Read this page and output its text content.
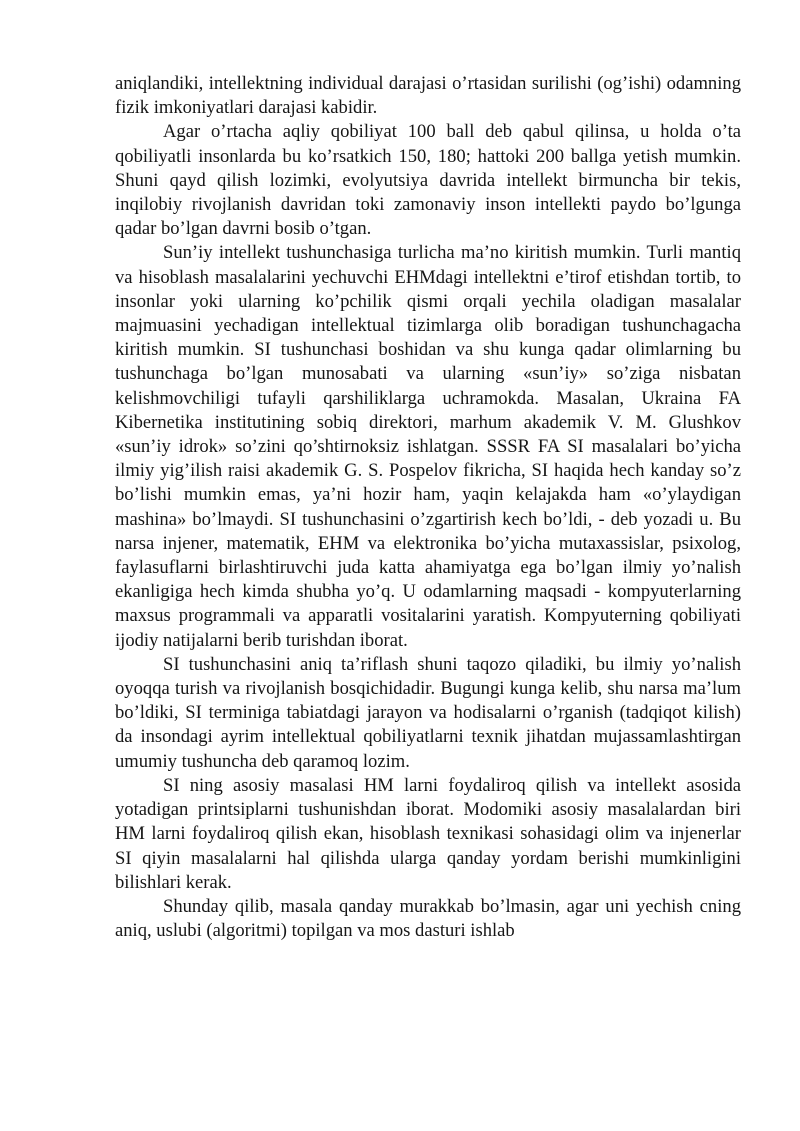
aniqlandiki, intellektning individual darajasi o’rtasidan surilishi (og’ishi) odamning fizik imkoniyatlari darajasi kabidir.

Agar o’rtacha aqliy qobiliyat 100 ball deb qabul qilinsa, u holda o’ta qobiliyatli insonlarda bu ko’rsatkich 150, 180; hattoki 200 ballga yetish mumkin. Shuni qayd qilish lozimki, evolyutsiya davrida intellekt birmuncha bir tekis, inqilobiy rivojlanish davridan toki zamonaviy inson intellekti paydo bo’lgunga qadar bo’lgan davrni bosib o’tgan.

Sun’iy intellekt tushunchasiga turlicha ma’no kiritish mumkin. Turli mantiq va hisoblash masalalarini yechuvchi EHMdagi intellektni e’tirof etishdan tortib, to insonlar yoki ularning ko’pchilik qismi orqali yechila oladigan masalalar majmuasini yechadigan intellektual tizimlarga olib boradigan tushunchagacha kiritish mumkin. SI tushunchasi boshidan va shu kunga qadar olimlarning bu tushunchaga bo’lgan munosabati va ularning «sun’iy» so’ziga nisbatan kelishmovchiligi tufayli qarshiliklarga uchramokda. Masalan, Ukraina FA Kibernetika institutining sobiq direktori, marhum akademik V. M. Glushkov «sun’iy idrok» so’zini qo’shtirnoksiz ishlatgan. SSSR FA SI masalalari bo’yicha ilmiy yig’ilish raisi akademik G. S. Pospelov fikricha, SI haqida hech kanday so’z bo’lishi mumkin emas, ya’ni hozir ham, yaqin kelajakda ham «o’ylaydigan mashina» bo’lmaydi. SI tushunchasini o’zgartirish kech bo’ldi, - deb yozadi u. Bu narsa injener, matematik, EHM va elektronika bo’yicha mutaxassislar, psixolog, faylasuflarni birlashtiruvchi juda katta ahamiyatga ega bo’lgan ilmiy yo’nalish ekanligiga hech kimda shubha yo’q. U odamlarning maqsadi - kompyuterlarning maxsus programmali va apparatli vositalarini yaratish. Kompyuterning qobiliyati ijodiy natijalarni berib turishdan iborat.

SI tushunchasini aniq ta’riflash shuni taqozo qiladiki, bu ilmiy yo’nalish oyoqqa turish va rivojlanish bosqichidadir. Bugungi kunga kelib, shu narsa ma’lum bo’ldiki, SI terminiga tabiatdagi jarayon va hodisalarni o’rganish (tadqiqot kilish) da insondagi ayrim intellektual qobiliyatlarni texnik jihatdan mujassamlashtirgan umumiy tushuncha deb qaramoq lozim.

SI ning asosiy masalasi HM larni foydaliroq qilish va intellekt asosida yotadigan printsiplarni tushunishdan iborat. Modomiki asosiy masalalardan biri HM larni foydaliroq qilish ekan, hisoblash texnikasi sohasidagi olim va injenerlar SI qiyin masalalarni hal qilishda ularga qanday yordam berishi mumkinligini bilishlari kerak.

Shunday qilib, masala qanday murakkab bo’lmasin, agar uni yechish cning aniq, uslubi (algoritmi) topilgan va mos dasturi ishlab
